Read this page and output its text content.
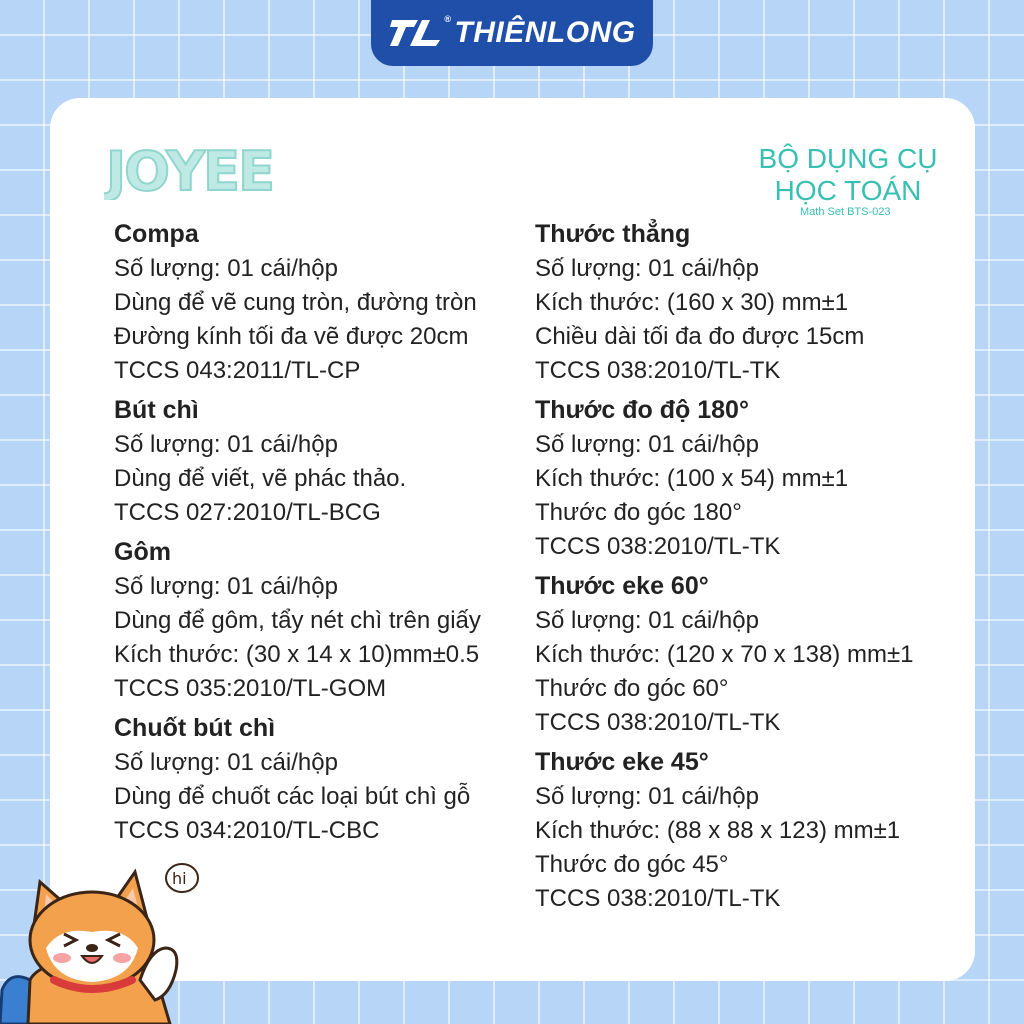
® THIÊNLONG
JOYEE	BỘ DỤNG CỤ
HỌC TOÁN
Math Set BTS-023
Compa
Số lượng: 01 cái/hộp
Dùng để vẽ cung tròn, đường tròn
Đường kính tối đa vẽ được 20cm
TCCS 043:2011/TL-CP
Bút chì
Số lượng: 01 cái/hộp
Dùng để viết, vẽ phác thảo.
TCCS 027:2010/TL-BCG
Gôm
Số lượng: 01 cái/hộp
Dùng để gôm, tẩy nét chì trên giấy
Kích thước: (30 x 14 x 10)mm±0.5
TCCS 035:2010/TL-GOM
Chuốt bút chì
Số lượng: 01 cái/hộp
Dùng để chuốt các loại bút chì gỗ
TCCS 034:2010/TL-CBC
Thước thẳng
Số lượng: 01 cái/hộp
Kích thước: (160 x 30) mm±1
Chiều dài tối đa đo được 15cm
TCCS 038:2010/TL-TK
Thước đo độ 180°
Số lượng: 01 cái/hộp
Kích thước: (100 x 54) mm±1
Thước đo góc 180°
TCCS 038:2010/TL-TK
Thước eke 60°
Số lượng: 01 cái/hộp
Kích thước: (120 x 70 x 138) mm±1
Thước đo góc 60°
TCCS 038:2010/TL-TK
Thước eke 45°
Số lượng: 01 cái/hộp
Kích thước: (88 x 88 x 123) mm±1
Thước đo góc 45°
TCCS 038:2010/TL-TK
hi
